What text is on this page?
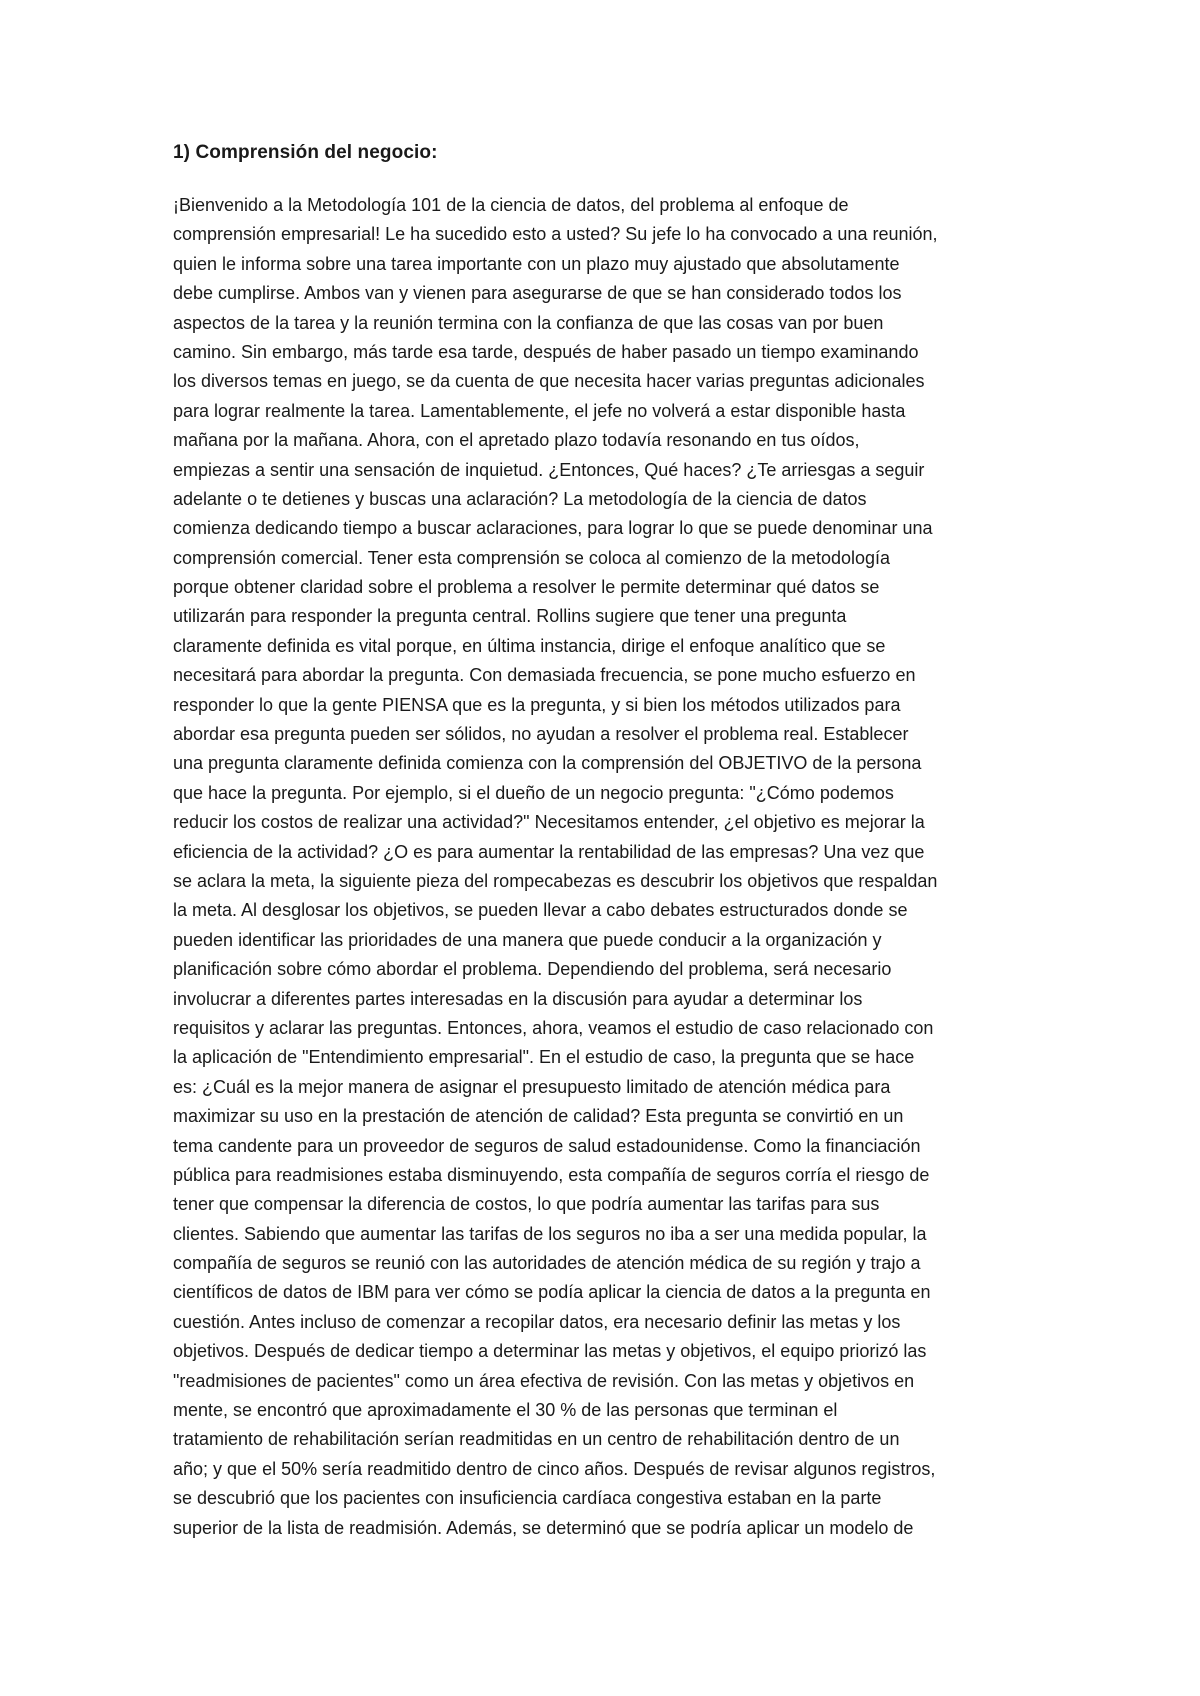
1) Comprensión del negocio:
¡Bienvenido a la Metodología 101 de la ciencia de datos, del problema al enfoque de
comprensión empresarial! Le ha sucedido esto a usted? Su jefe lo ha convocado a una reunión,
quien le informa sobre una tarea importante con un plazo muy ajustado que absolutamente
debe cumplirse. Ambos van y vienen para asegurarse de que se han considerado todos los
aspectos de la tarea y la reunión termina con la confianza de que las cosas van por buen
camino. Sin embargo, más tarde esa tarde, después de haber pasado un tiempo examinando
los diversos temas en juego, se da cuenta de que necesita hacer varias preguntas adicionales
para lograr realmente la tarea. Lamentablemente, el jefe no volverá a estar disponible hasta
mañana por la mañana. Ahora, con el apretado plazo todavía resonando en tus oídos,
empiezas a sentir una sensación de inquietud. ¿Entonces, Qué haces? ¿Te arriesgas a seguir
adelante o te detienes y buscas una aclaración? La metodología de la ciencia de datos
comienza dedicando tiempo a buscar aclaraciones, para lograr lo que se puede denominar una
comprensión comercial. Tener esta comprensión se coloca al comienzo de la metodología
porque obtener claridad sobre el problema a resolver le permite determinar qué datos se
utilizarán para responder la pregunta central. Rollins sugiere que tener una pregunta
claramente definida es vital porque, en última instancia, dirige el enfoque analítico que se
necesitará para abordar la pregunta. Con demasiada frecuencia, se pone mucho esfuerzo en
responder lo que la gente PIENSA que es la pregunta, y si bien los métodos utilizados para
abordar esa pregunta pueden ser sólidos, no ayudan a resolver el problema real. Establecer
una pregunta claramente definida comienza con la comprensión del OBJETIVO de la persona
que hace la pregunta. Por ejemplo, si el dueño de un negocio pregunta: "¿Cómo podemos
reducir los costos de realizar una actividad?" Necesitamos entender, ¿el objetivo es mejorar la
eficiencia de la actividad? ¿O es para aumentar la rentabilidad de las empresas? Una vez que
se aclara la meta, la siguiente pieza del rompecabezas es descubrir los objetivos que respaldan
la meta. Al desglosar los objetivos, se pueden llevar a cabo debates estructurados donde se
pueden identificar las prioridades de una manera que puede conducir a la organización y
planificación sobre cómo abordar el problema. Dependiendo del problema, será necesario
involucrar a diferentes partes interesadas en la discusión para ayudar a determinar los
requisitos y aclarar las preguntas. Entonces, ahora, veamos el estudio de caso relacionado con
la aplicación de "Entendimiento empresarial". En el estudio de caso, la pregunta que se hace
es: ¿Cuál es la mejor manera de asignar el presupuesto limitado de atención médica para
maximizar su uso en la prestación de atención de calidad? Esta pregunta se convirtió en un
tema candente para un proveedor de seguros de salud estadounidense. Como la financiación
pública para readmisiones estaba disminuyendo, esta compañía de seguros corría el riesgo de
tener que compensar la diferencia de costos, lo que podría aumentar las tarifas para sus
clientes. Sabiendo que aumentar las tarifas de los seguros no iba a ser una medida popular, la
compañía de seguros se reunió con las autoridades de atención médica de su región y trajo a
científicos de datos de IBM para ver cómo se podía aplicar la ciencia de datos a la pregunta en
cuestión. Antes incluso de comenzar a recopilar datos, era necesario definir las metas y los
objetivos. Después de dedicar tiempo a determinar las metas y objetivos, el equipo priorizó las
"readmisiones de pacientes" como un área efectiva de revisión. Con las metas y objetivos en
mente, se encontró que aproximadamente el 30 % de las personas que terminan el
tratamiento de rehabilitación serían readmitidas en un centro de rehabilitación dentro de un
año; y que el 50% sería readmitido dentro de cinco años. Después de revisar algunos registros,
se descubrió que los pacientes con insuficiencia cardíaca congestiva estaban en la parte
superior de la lista de readmisión. Además, se determinó que se podría aplicar un modelo de
